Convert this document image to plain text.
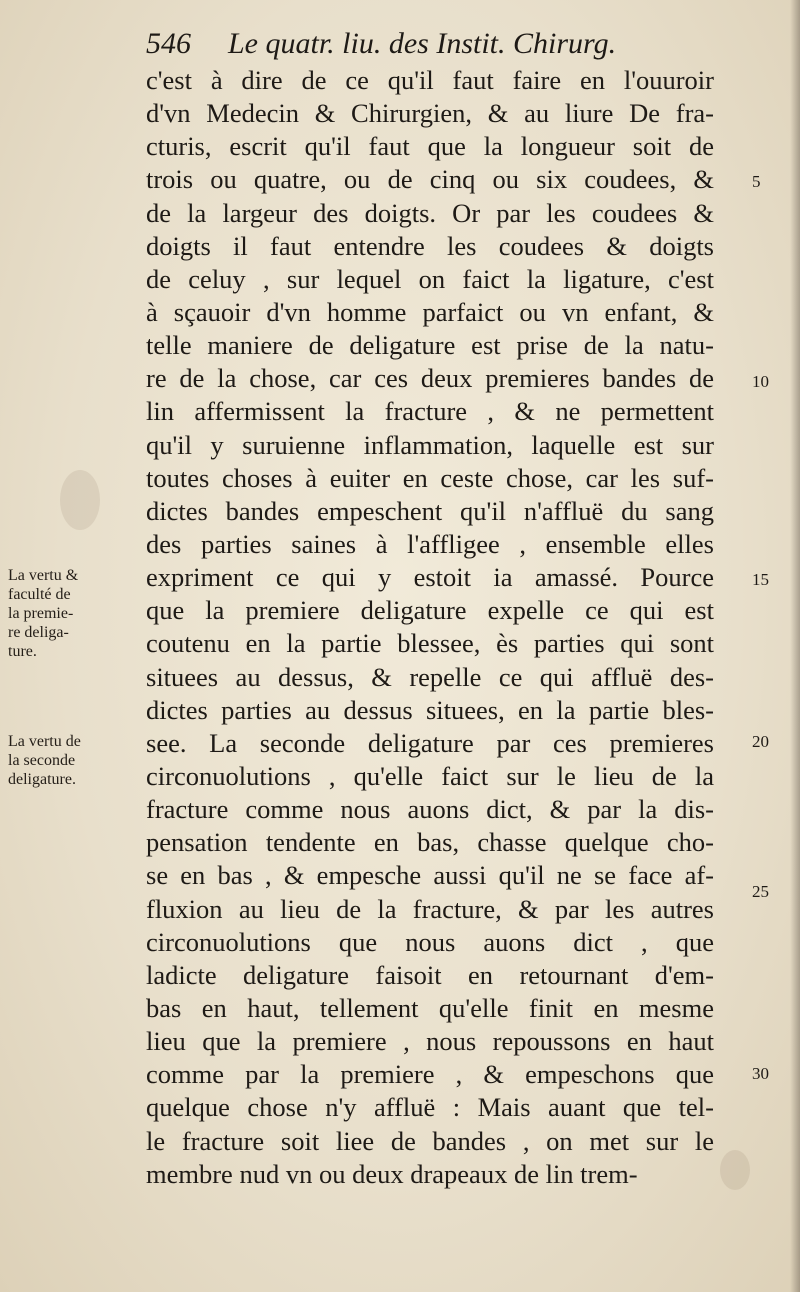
546 Le quatr. liu. des Instit. Chirurg.
c'est à dire de ce qu'il faut faire en l'ouuroir
d'vn Medecin & Chirurgien, & au liure De fra-
cturis, escrit qu'il faut que la longueur soit de
trois ou quatre, ou de cinq ou six coudees, &
de la largeur des doigts. Or par les coudees &
doigts il faut entendre les coudees & doigts
de celuy , sur lequel on faict la ligature, c'est
à sçauoir d'vn homme parfaict ou vn enfant, &
telle maniere de deligature est prise de la natu-
re de la chose, car ces deux premieres bandes de
lin affermissent la fracture , & ne permettent
qu'il y suruienne inflammation, laquelle est sur
toutes choses à euiter en ceste chose, car les suf-
dictes bandes empeschent qu'il n'affluë du sang
des parties saines à l'affligee , ensemble elles
expriment ce qui y estoit ia amassé. Pource
que la premiere deligature expelle ce qui est
coutenu en la partie blessee, ès parties qui sont
situees au dessus, & repelle ce qui affluë des-
dictes parties au dessus situees, en la partie bles-
see. La seconde deligature par ces premieres
circonuolutions , qu'elle faict sur le lieu de la
fracture comme nous auons dict, & par la dis-
pensation tendente en bas, chasse quelque cho-
se en bas , & empesche aussi qu'il ne se face af-
fluxion au lieu de la fracture, & par les autres
circonuolutions que nous auons dict , que
ladicte deligature faisoit en retournant d'em-
bas en haut, tellement qu'elle finit en mesme
lieu que la premiere , nous repoussons en haut
comme par la premiere , & empeschons que
quelque chose n'y affluë : Mais auant que tel-
le fracture soit liee de bandes , on met sur le
membre nud vn ou deux drapeaux de lin trem-
La vertu &
faculté de
la premie-
re deliga-
ture.
La vertu de
la seconde
deligature.
5
10
15
20
25
30
